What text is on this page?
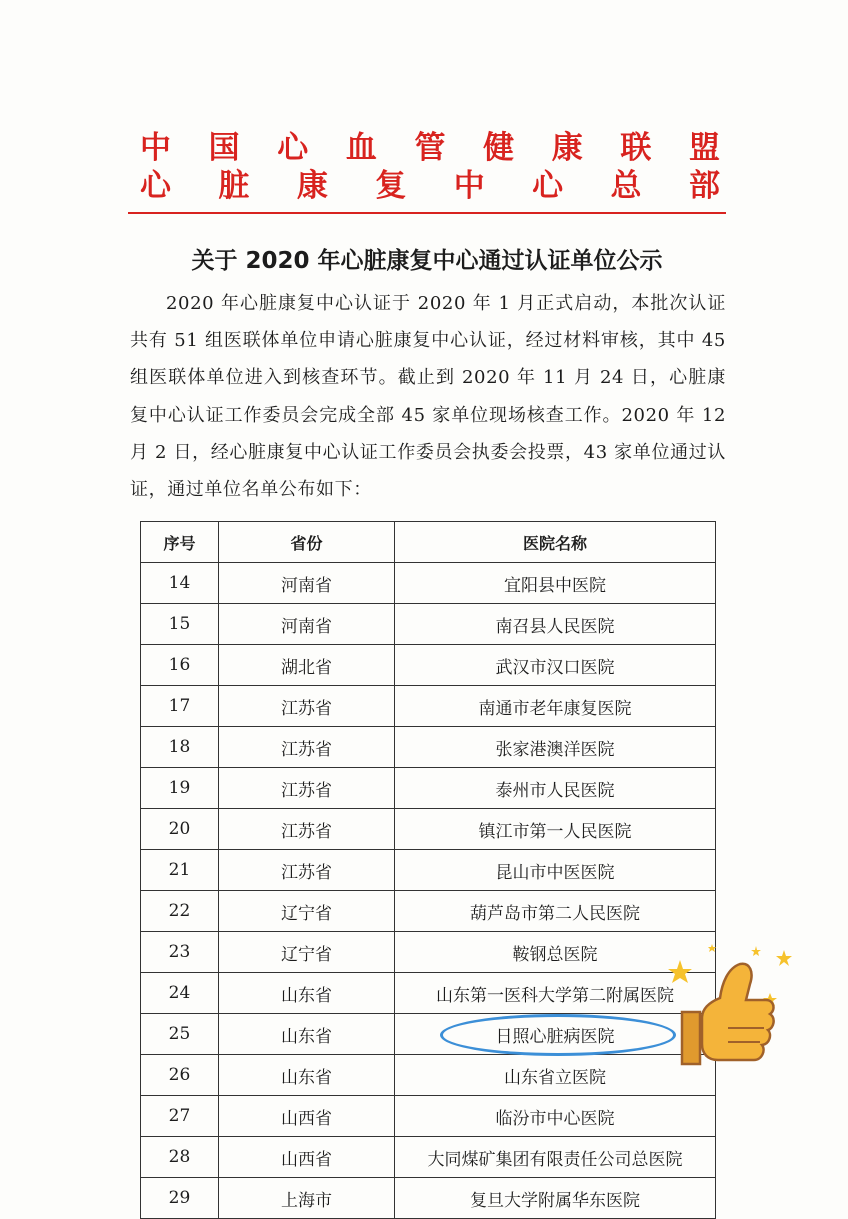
中 国 心 血 管 健 康 联 盟
心 脏 康 复 中 心 总 部
关于 2020 年心脏康复中心通过认证单位公示

2020 年心脏康复中心认证于 2020 年 1 月正式启动，本批次认证共有 51 组医联体单位申请心脏康复中心认证，经过材料审核，其中 45 组医联体单位进入到核查环节。截止到 2020 年 11 月 24 日，心脏康复中心认证工作委员会完成全部 45 家单位现场核查工作。2020 年 12 月 2 日，经心脏康复中心认证工作委员会执委会投票，43 家单位通过认证，通过单位名单公布如下：

序号	省份	医院名称
14	河南省	宜阳县中医院
15	河南省	南召县人民医院
16	湖北省	武汉市汉口医院
17	江苏省	南通市老年康复医院
18	江苏省	张家港澳洋医院
19	江苏省	泰州市人民医院
20	江苏省	镇江市第一人民医院
21	江苏省	昆山市中医医院
22	辽宁省	葫芦岛市第二人民医院
23	辽宁省	鞍钢总医院
24	山东省	山东第一医科大学第二附属医院
25	山东省	日照心脏病医院
26	山东省	山东省立医院
27	山西省	临汾市中心医院
28	山西省	大同煤矿集团有限责任公司总医院
29	上海市	复旦大学附属华东医院
